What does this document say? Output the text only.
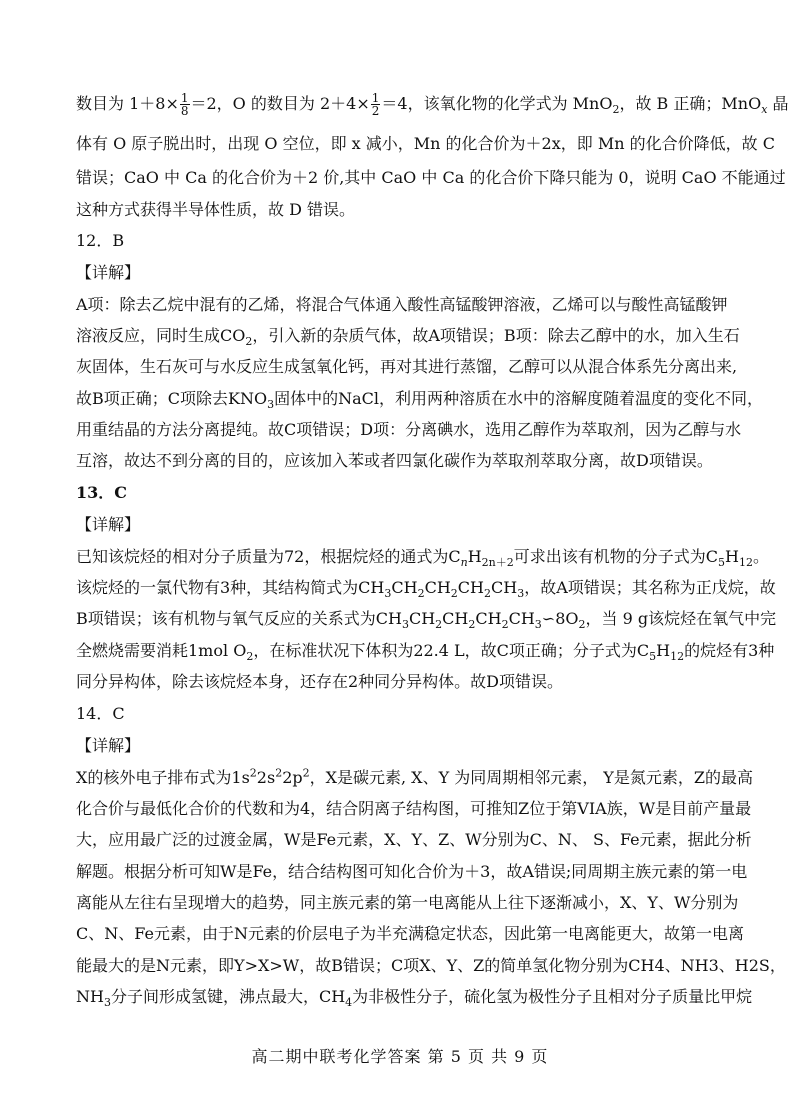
数目为 $1+8\times \frac{1}{8} =2$，O 的数目为 $2+4\times \frac{1}{2} =4$，该氧化物的化学式为 MnO$_2$，故 B 正确；MnO$_x$ 晶
体有 O 原子脱出时，出现 O 空位，即 x 减小，Mn 的化合价为＋2x，即 Mn 的化合价降低，故 C
错误；CaO 中 Ca 的化合价为＋2 价,其中 CaO 中 Ca 的化合价下降只能为 0，说明 CaO 不能通过
这种方式获得半导体性质，故 D 错误。
12．B
【详解】
A项：除去乙烷中混有的乙烯，将混合气体通入酸性高锰酸钾溶液，乙烯可以与酸性高锰酸钾
溶液反应，同时生成$CO_2$，引入新的杂质气体，故A项错误；B项：除去乙醇中的水，加入生石
灰固体，生石灰可与水反应生成氢氧化钙，再对其进行蒸馏，乙醇可以从混合体系先分离出来,
故B项正确；C项除去$KNO_3$固体中的NaCl，利用两种溶质在水中的溶解度随着温度的变化不同，
用重结晶的方法分离提纯。故C项错误；D项：分离碘水，选用乙醇作为萃取剂，因为乙醇与水
互溶，故达不到分离的目的，应该加入苯或者四氯化碳作为萃取剂萃取分离，故D项错误。
13．C
【详解】
已知该烷烃的相对分子质量为72，根据烷烃的通式为$C_nH_{2n+2}$可求出该有机物的分子式为$C_5H_{12}$。
该烷烃的一氯代物有3种，其结构简式为$CH_3CH_2CH_2CH_2CH_3$，故A项错误；其名称为正戊烷，故
B项错误；该有机物与氧气反应的关系式为$CH_3CH_2CH_2CH_2CH_3∽8O_2$，当 9 g该烷烃在氧气中完
全燃烧需要消耗1mol $O_2$，在标准状况下体积为22.4 L，故C项正确；分子式为$C_5H_{12}$的烷烃有3种
同分异构体，除去该烷烃本身，还存在2种同分异构体。故D项错误。
14．C
【详解】
X的核外电子排布式为$1s^22s^22p^2$，X是碳元素, X、Y 为同周期相邻元素， Y是氮元素，Z的最高
化合价与最低化合价的代数和为4，结合阴离子结构图，可推知Z位于第VIA族，W是目前产量最
大，应用最广泛的过渡金属，W是Fe元素，X、Y、Z、W分别为C、N、 S、Fe元素，据此分析
解题。根据分析可知W是Fe，结合结构图可知化合价为＋3，故A错误;同周期主族元素的第一电
离能从左往右呈现增大的趋势，同主族元素的第一电离能从上往下逐渐减小，X、Y、W分别为
C、N、Fe元素，由于N元素的价层电子为半充满稳定状态，因此第一电离能更大，故第一电离
能最大的是N元素，即Y>X>W，故B错误；C项X、Y、Z的简单氢化物分别为CH4、NH3、H2S，
$NH_3$分子间形成氢键，沸点最大，$CH_4$为非极性分子，硫化氢为极性分子且相对分子质量比甲烷
高二期中联考化学答案 第 5 页 共 9 页
